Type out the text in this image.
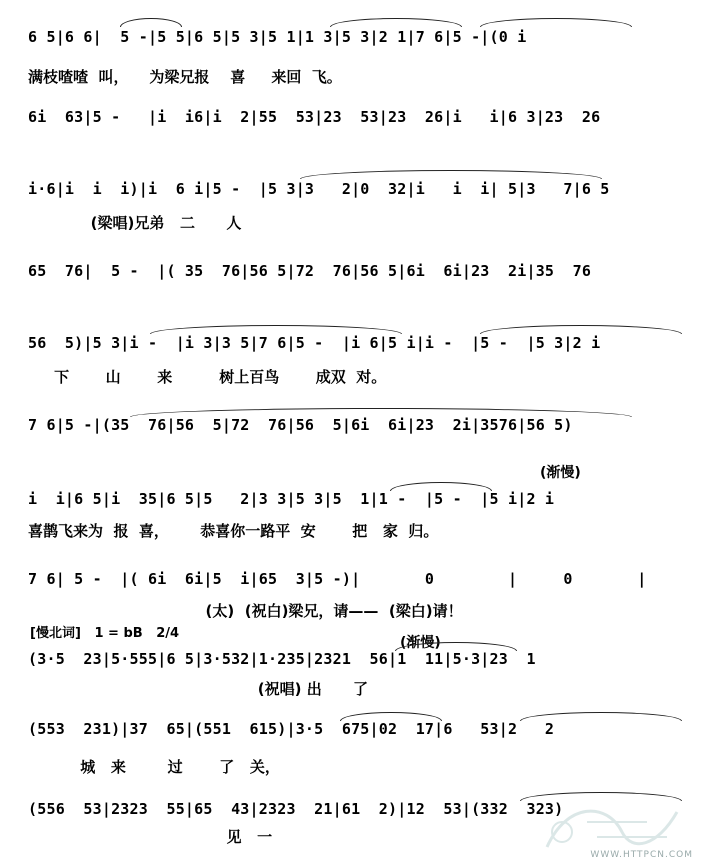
6 5|6 6|  5 -|5 5|6 5|5 3|5 1|1 3|5 3|2 1|7 6|5 -|(0 i
满枝喳喳  叫，    为梁兄报    喜     来回  飞。
6i  63|5 -   |i  i6|i  2|55  53|23  53|23  26|i   i|6 3|23  26
i·6|i  i  i)|i  6 i|5 -  |5 3|3   2|0  32|i   i  i| 5|3   7|6 5
(梁唱)兄弟   二      人
65  76|  5 -  |( 35  76|56 5|72  76|56 5|6i  6i|23  2i|35  76
56  5)|5 3|i -  |i 3|3 5|7 6|5 -  |i 6|5 i|i -  |5 -  |5 3|2 i
下       山       来         树上百鸟       成双  对。
7 6|5 -|(35  76|56  5|72  76|56  5|6i  6i|23  2i|3576|56 5)
(渐慢)
i  i|6 5|i  35|6 5|5   2|3 3|5 3|5  1|1 -  |5 -  |5 i|2 i
喜鹊飞来为  报  喜，      恭喜你一路平  安       把   家  归。
7 6| 5 -  |( 6i  6i|5  i|65  3|5 -)|       0        |     0       |
(太)  (祝白)梁兄，请——  (梁白)请！
[慢北词]   1 = bB   2/4
(渐慢)
(3·5  23|5·555|6 5|3·532|1·235|2321  56|1  11|5·3|23  1
(祝唱) 出      了
(553  231)|37  65|(551  615)|3·5  675|02  17|6   53|2   2
城   来        过       了   关，
(556  53|2323  55|65  43|2323  21|61  2)|12  53|(332  323)
见   一
WWW.HTTPCN.COM
